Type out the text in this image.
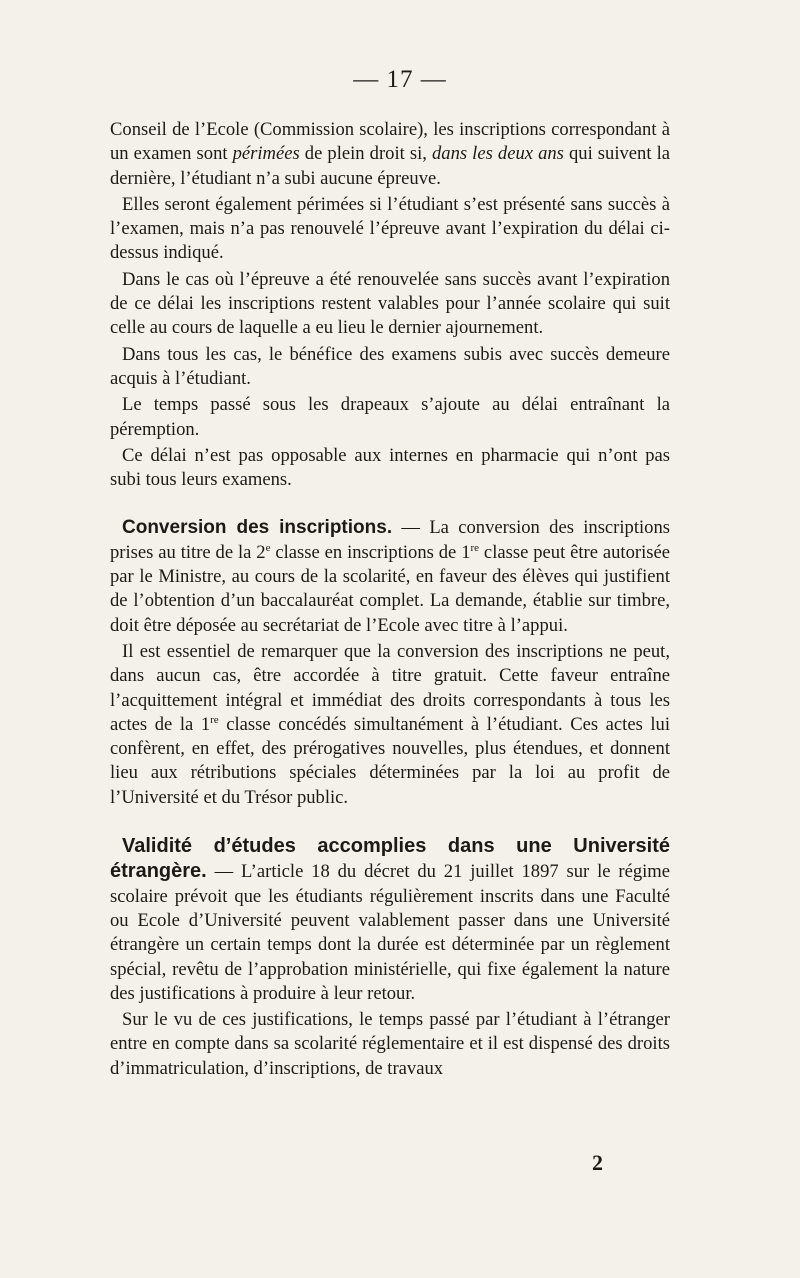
— 17 —

Conseil de l’Ecole (Commission scolaire), les inscriptions correspondant à un examen sont périmées de plein droit si, dans les deux ans qui suivent la dernière, l’étudiant n’a subi aucune épreuve.

Elles seront également périmées si l’étudiant s’est présenté sans succès à l’examen, mais n’a pas renouvelé l’épreuve avant l’expiration du délai ci-dessus indiqué.

Dans le cas où l’épreuve a été renouvelée sans succès avant l’expiration de ce délai les inscriptions restent valables pour l’année scolaire qui suit celle au cours de laquelle a eu lieu le dernier ajournement.

Dans tous les cas, le bénéfice des examens subis avec succès demeure acquis à l’étudiant.

Le temps passé sous les drapeaux s’ajoute au délai entraînant la péremption.

Ce délai n’est pas opposable aux internes en pharmacie qui n’ont pas subi tous leurs examens.

Conversion des inscriptions. — La conversion des inscriptions prises au titre de la 2e classe en inscriptions de 1re classe peut être autorisée par le Ministre, au cours de la scolarité, en faveur des élèves qui justifient de l’obtention d’un baccalauréat complet. La demande, établie sur timbre, doit être déposée au secrétariat de l’Ecole avec titre à l’appui.

Il est essentiel de remarquer que la conversion des inscriptions ne peut, dans aucun cas, être accordée à titre gratuit. Cette faveur entraîne l’acquittement intégral et immédiat des droits correspondants à tous les actes de la 1re classe concédés simultanément à l’étudiant. Ces actes lui confèrent, en effet, des prérogatives nouvelles, plus étendues, et donnent lieu aux rétributions spéciales déterminées par la loi au profit de l’Université et du Trésor public.

Validité d’études accomplies dans une Université étrangère. — L’article 18 du décret du 21 juillet 1897 sur le régime scolaire prévoit que les étudiants régulièrement inscrits dans une Faculté ou Ecole d’Université peuvent valablement passer dans une Université étrangère un certain temps dont la durée est déterminée par un règlement spécial, revêtu de l’approbation ministérielle, qui fixe également la nature des justifications à produire à leur retour.

Sur le vu de ces justifications, le temps passé par l’étudiant à l’étranger entre en compte dans sa scolarité réglementaire et il est dispensé des droits d’immatriculation, d’inscriptions, de travaux

2
